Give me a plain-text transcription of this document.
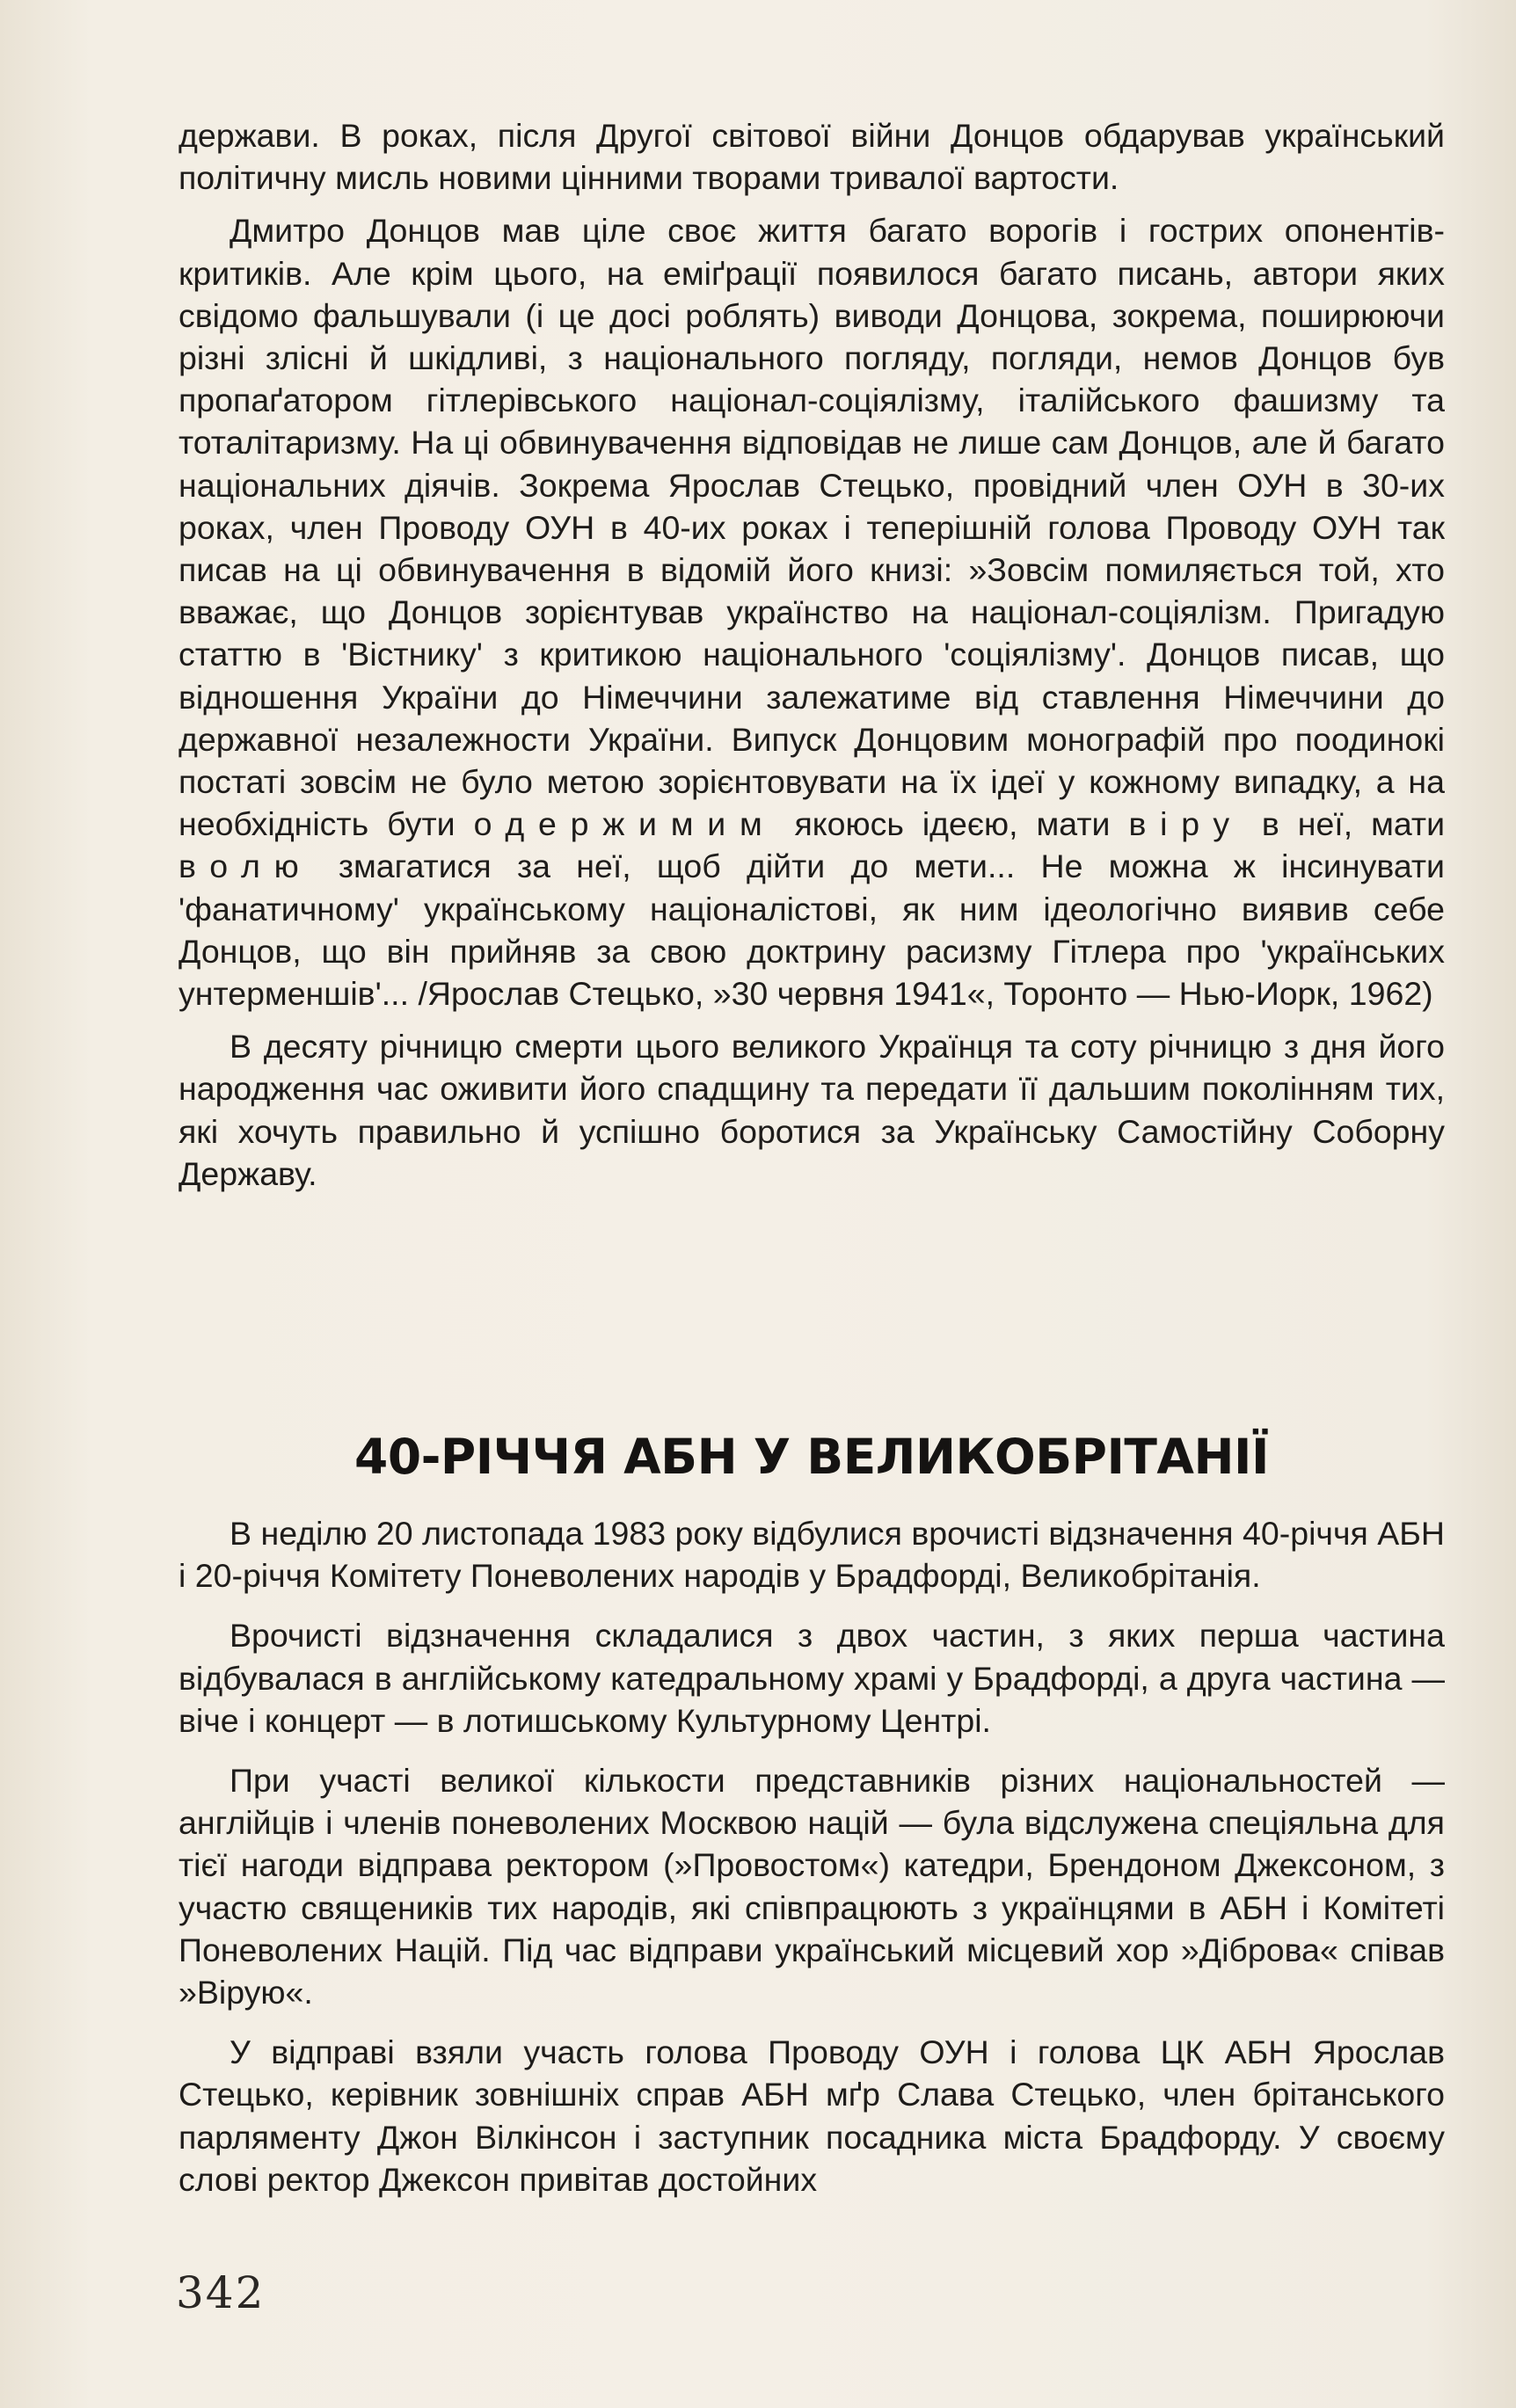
держави. В роках, після Другої світової війни Донцов обдарував український політичну мисль новими цінними творами тривалої вартости.

Дмитро Донцов мав ціле своє життя багато ворогів і гострих опонентів-критиків. Але крім цього, на еміґрації появилося багато писань, автори яких свідомо фальшували (і це досі роблять) виводи Донцова, зокрема, поширюючи різні злісні й шкідливі, з національного погляду, погляди, немов Донцов був пропаґатором гітлерівського націонал-соціялізму, італійського фашизму та тоталітаризму. На ці обвинувачення відповідав не лише сам Донцов, але й багато національних діячів. Зокрема Ярослав Стецько, провідний член ОУН в 30-их роках, член Проводу ОУН в 40-их роках і теперішній голова Проводу ОУН так писав на ці обвинувачення в відомій його книзі: »Зовсім помиляється той, хто вважає, що Донцов зорієнтував українство на націонал-соціялізм. Пригадую статтю в 'Вістнику' з критикою національного 'соціялізму'. Донцов писав, що відношення України до Німеччини залежатиме від ставлення Німеччини до державної незалежности України. Випуск Донцовим монографій про поодинокі постаті зовсім не було метою зорієнтовувати на їх ідеї у кожному випадку, а на необхідність бути одержимим якоюсь ідеєю, мати віру в неї, мати волю змагатися за неї, щоб дійти до мети... Не можна ж інсинувати 'фанатичному' українському націоналістові, як ним ідеологічно виявив себе Донцов, що він прийняв за свою доктрину расизму Гітлера про 'українських унтерменшів'... /Ярослав Стецько, »30 червня 1941«, Торонто — Нью-Иорк, 1962)

В десяту річницю смерти цього великого Українця та соту річницю з дня його народження час оживити його спадщину та передати її дальшим поколінням тих, які хочуть правильно й успішно боротися за Українську Самостійну Соборну Державу.

40-РІЧЧЯ АБН У ВЕЛИКОБРІТАНІЇ

В неділю 20 листопада 1983 року відбулися врочисті відзначення 40-річчя АБН і 20-річчя Комітету Поневолених народів у Брадфорді, Великобрітанія.

Врочисті відзначення складалися з двох частин, з яких перша частина відбувалася в англійському катедральному храмі у Брадфорді, а друга частина — віче і концерт — в лотишському Культурному Центрі.

При участі великої кількости представників різних національностей — англійців і членів поневолених Москвою націй — була відслужена спеціяльна для тієї нагоди відправа ректором (»Провостом«) катедри, Брендоном Джексоном, з участю священиків тих народів, які співпрацюють з українцями в АБН і Комітеті Поневолених Націй. Під час відправи український місцевий хор »Діброва« співав »Вірую«.

У відправі взяли участь голова Проводу ОУН і голова ЦК АБН Ярослав Стецько, керівник зовнішніх справ АБН мґр Слава Стецько, член брітанського парляменту Джон Вілкінсон і заступник посадника міста Брадфорду. У своєму слові ректор Джексон привітав достойних

342
